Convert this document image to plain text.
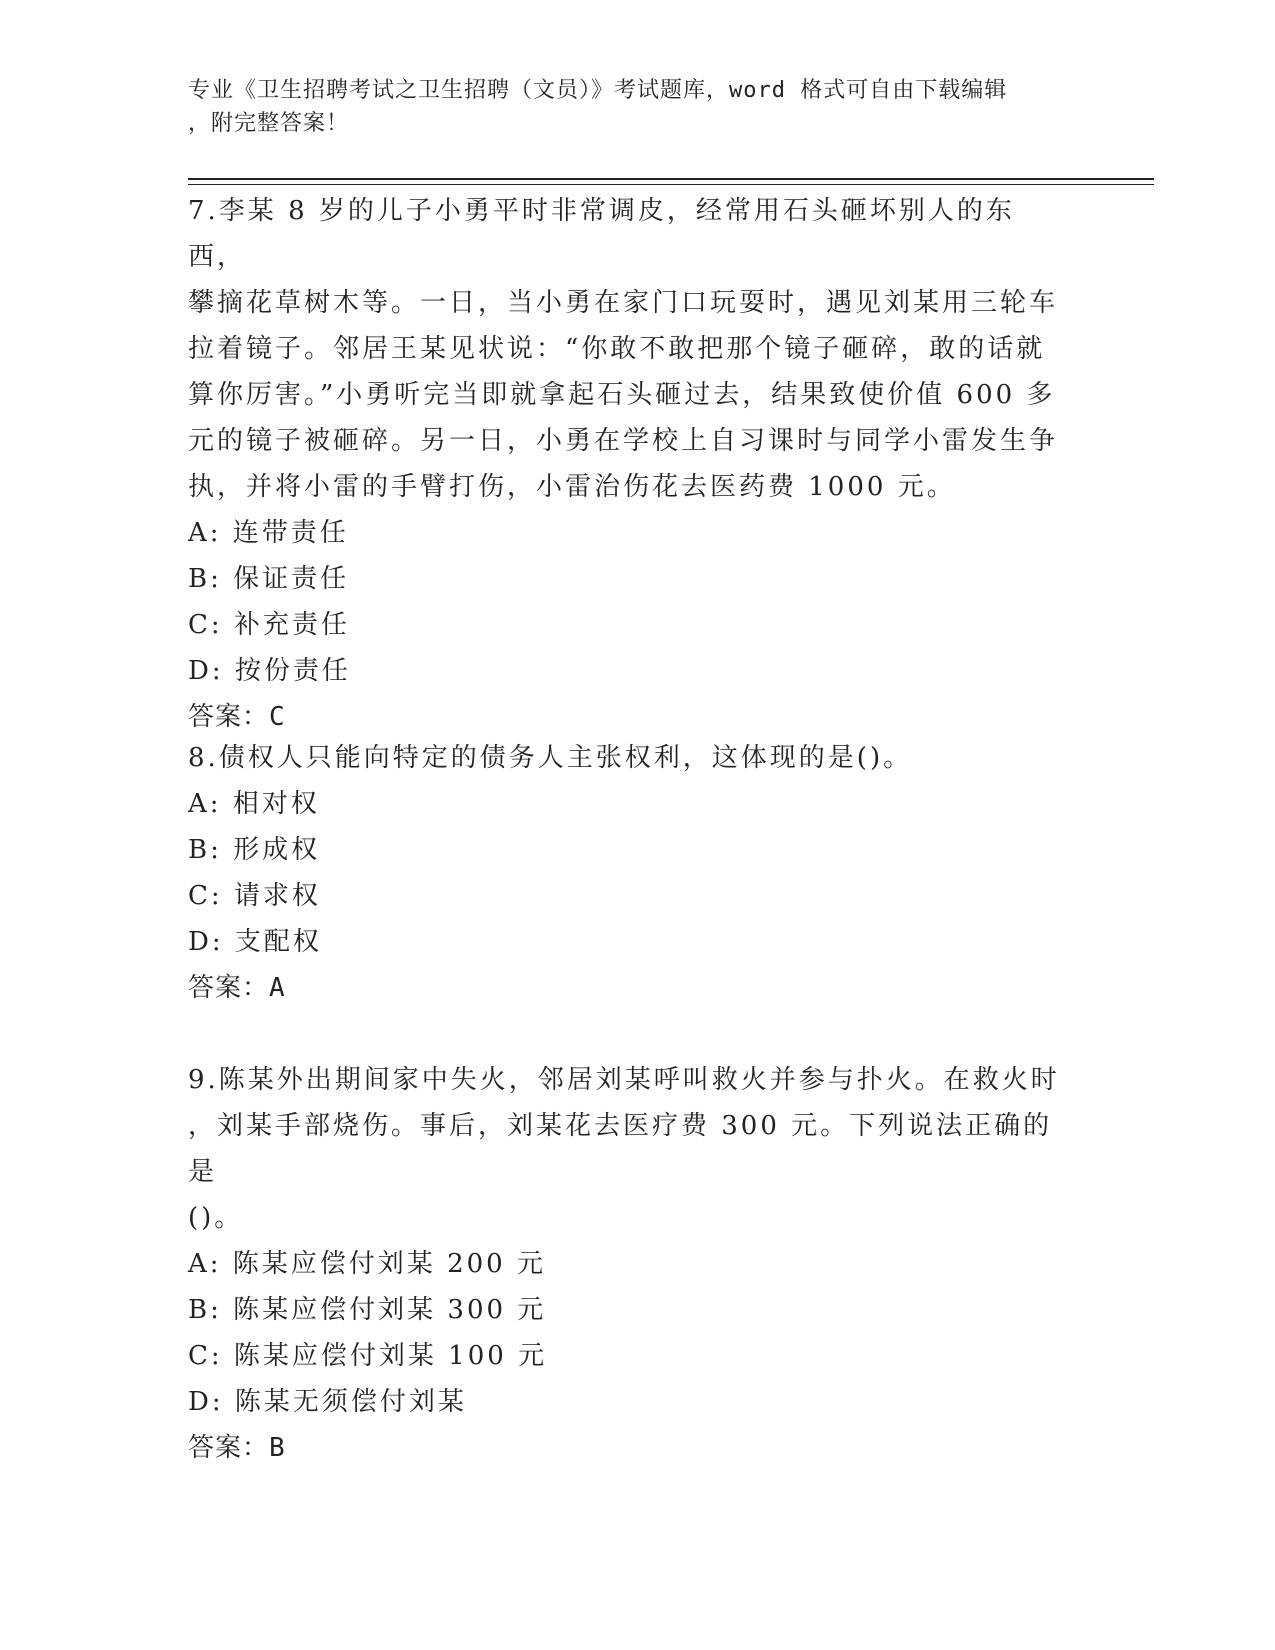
专业《卫生招聘考试之卫生招聘（文员）》考试题库，word 格式可自由下载编辑
，附完整答案！
7.李某 8 岁的儿子小勇平时非常调皮，经常用石头砸坏别人的东西，
攀摘花草树木等。一日，当小勇在家门口玩耍时，遇见刘某用三轮车
拉着镜子。邻居王某见状说：“你敢不敢把那个镜子砸碎，敢的话就
算你厉害。”小勇听完当即就拿起石头砸过去，结果致使价值 600 多
元的镜子被砸碎。另一日，小勇在学校上自习课时与同学小雷发生争
执，并将小雷的手臂打伤，小雷治伤花去医药费 1000 元。
A: 连带责任
B: 保证责任
C: 补充责任
D: 按份责任
答案：C
8.债权人只能向特定的债务人主张权利，这体现的是()。
A: 相对权
B: 形成权
C: 请求权
D: 支配权
答案：A
9.陈某外出期间家中失火，邻居刘某呼叫救火并参与扑火。在救火时
，刘某手部烧伤。事后，刘某花去医疗费 300 元。下列说法正确的是
()。
A: 陈某应偿付刘某 200 元
B: 陈某应偿付刘某 300 元
C: 陈某应偿付刘某 100 元
D: 陈某无须偿付刘某
答案：B
